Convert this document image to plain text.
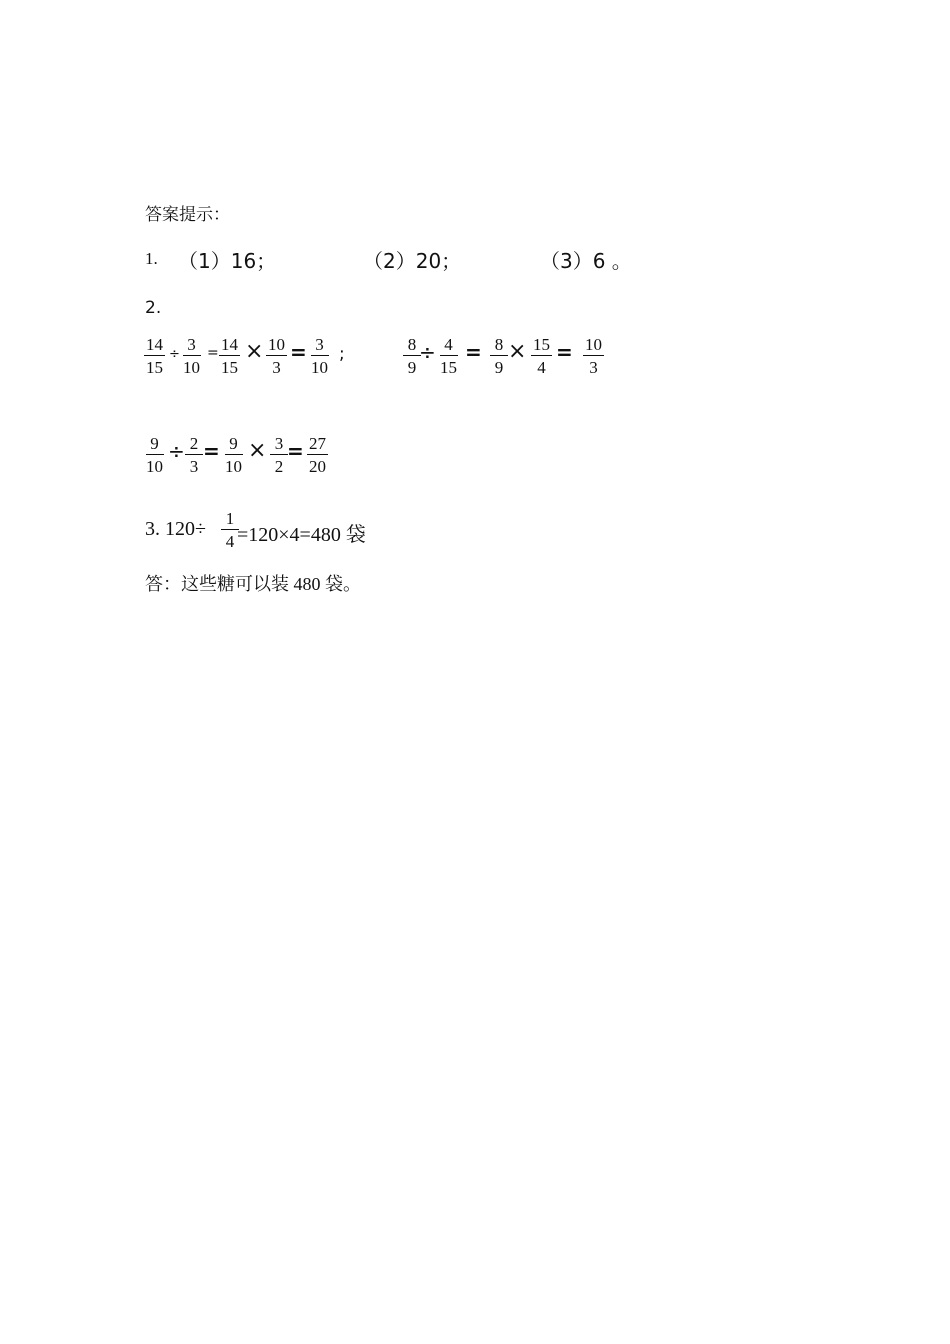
答案提示：
1. （1）16；	（2）20；	（3）6 。
2.
$\frac{14}{15} \div \frac{3}{10} = \frac{14}{15} \times \frac{10}{3} = \frac{3}{10}$ ;	$\frac{8}{9}$
÷ $\frac{4}{15} = \frac{8}{9} \times \frac{15}{4} = \frac{10}{3}$
$\frac{9}{10} \div \frac{2}{3} = \frac{9}{10} \times \frac{3}{2} = \frac{27}{20}$
3. $120\div \frac{1}{4}$
=120×4=480 袋
答：这些糖可以装 480 袋。
